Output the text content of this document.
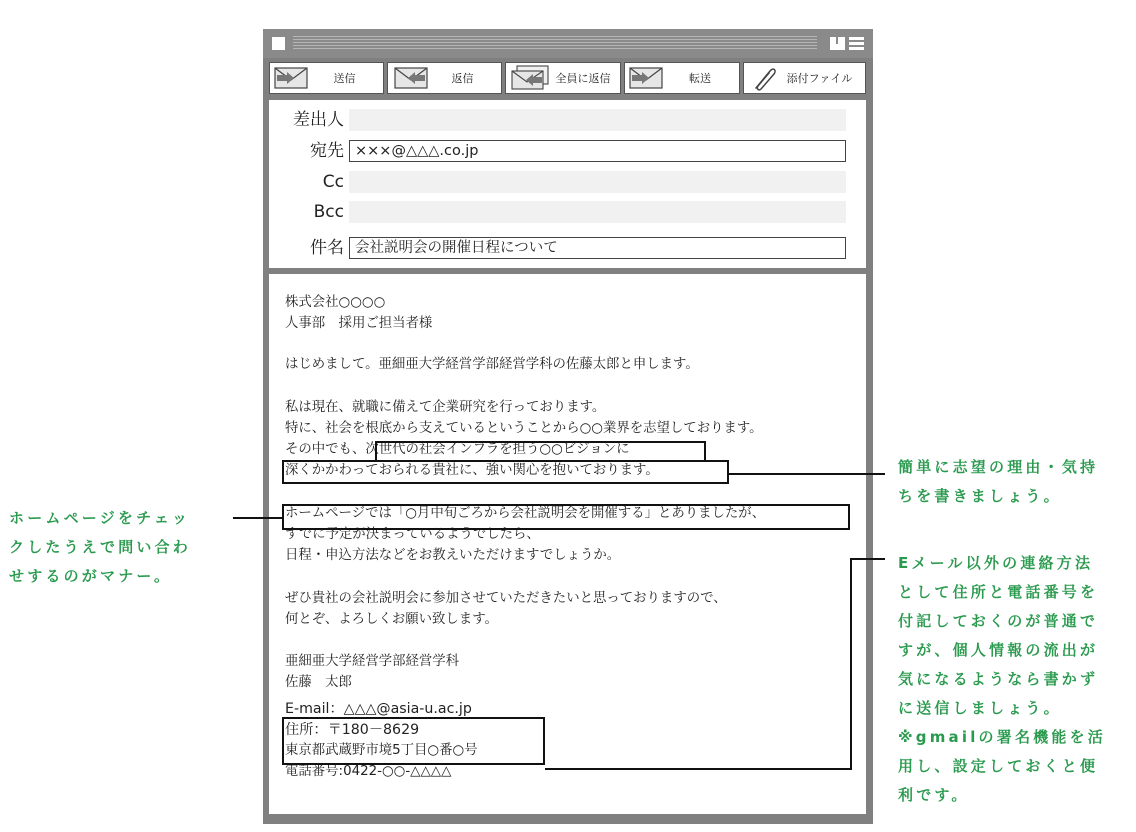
送信	返信	全員に返信	転送	添付ファイル
差出人
宛先 ×××@△△△.co.jp
Cc
Bcc
件名 会社説明会の開催日程について
株式会社○○○○
人事部　採用ご担当者様
はじめまして。亜細亜大学経営学部経営学科の佐藤太郎と申します。
私は現在、就職に備えて企業研究を行っております。
特に、社会を根底から支えているということから○○業界を志望しております。
その中でも、次世代の社会インフラを担う○○ビジョンに
深くかかわっておられる貴社に、強い関心を抱いております。
ホームページでは「○月中旬ごろから会社説明会を開催する」とありましたが、
すでに予定が決まっているようでしたら、
日程・申込方法などをお教えいただけますでしょうか。
ぜひ貴社の会社説明会に参加させていただきたいと思っておりますので、
何とぞ、よろしくお願い致します。
亜細亜大学経営学部経営学科
佐藤　太郎
E-mail：△△△@asia-u.ac.jp
住所：〒180－8629
東京都武蔵野市境5丁目○番○号
電話番号:0422-○○-△△△△
ホームページをチェッ
クしたうえで問い合わ
せするのがマナー。
簡単に志望の理由・気持
ちを書きましょう。
Eメール以外の連絡方法
として住所と電話番号を
付記しておくのが普通で
すが、個人情報の流出が
気になるようなら書かず
に送信しましょう。
※gmailの署名機能を活
用し、設定しておくと便
利です。
